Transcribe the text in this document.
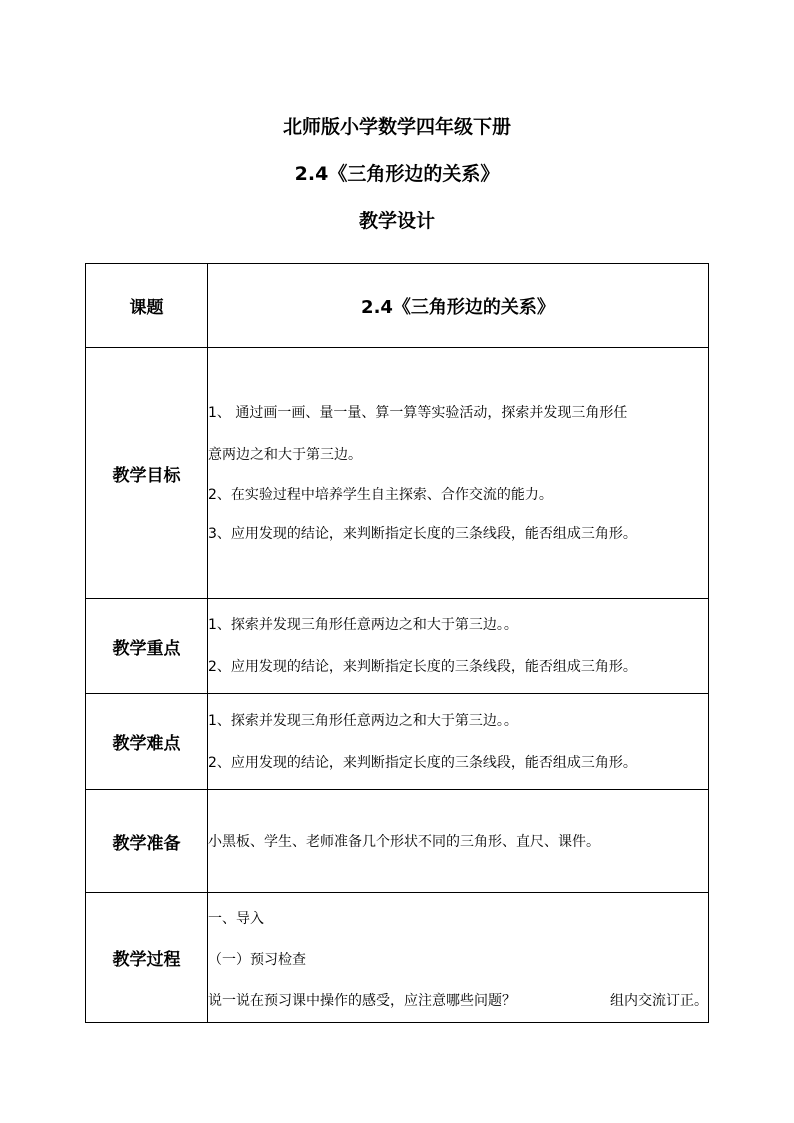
北师版小学数学四年级下册
2.4《三角形边的关系》
教学设计
课题	2.4《三角形边的关系》
教学目标	1、 通过画一画、量一量、算一算等实验活动，探索并发现三角形任

意两边之和大于第三边。

2、在实验过程中培养学生自主探索、合作交流的能力。

3、应用发现的结论，来判断指定长度的三条线段，能否组成三角形。

教学重点	1、探索并发现三角形任意两边之和大于第三边。。

2、应用发现的结论，来判断指定长度的三条线段，能否组成三角形。

教学难点	1、探索并发现三角形任意两边之和大于第三边。。

2、应用发现的结论，来判断指定长度的三条线段，能否组成三角形。

教学准备	小黑板、学生、老师准备几个形状不同的三角形、直尺、课件。

教学过程	一、导入

（一）预习检查

说一说在预习课中操作的感受，应注意哪些问题？ 组内交流订正。
